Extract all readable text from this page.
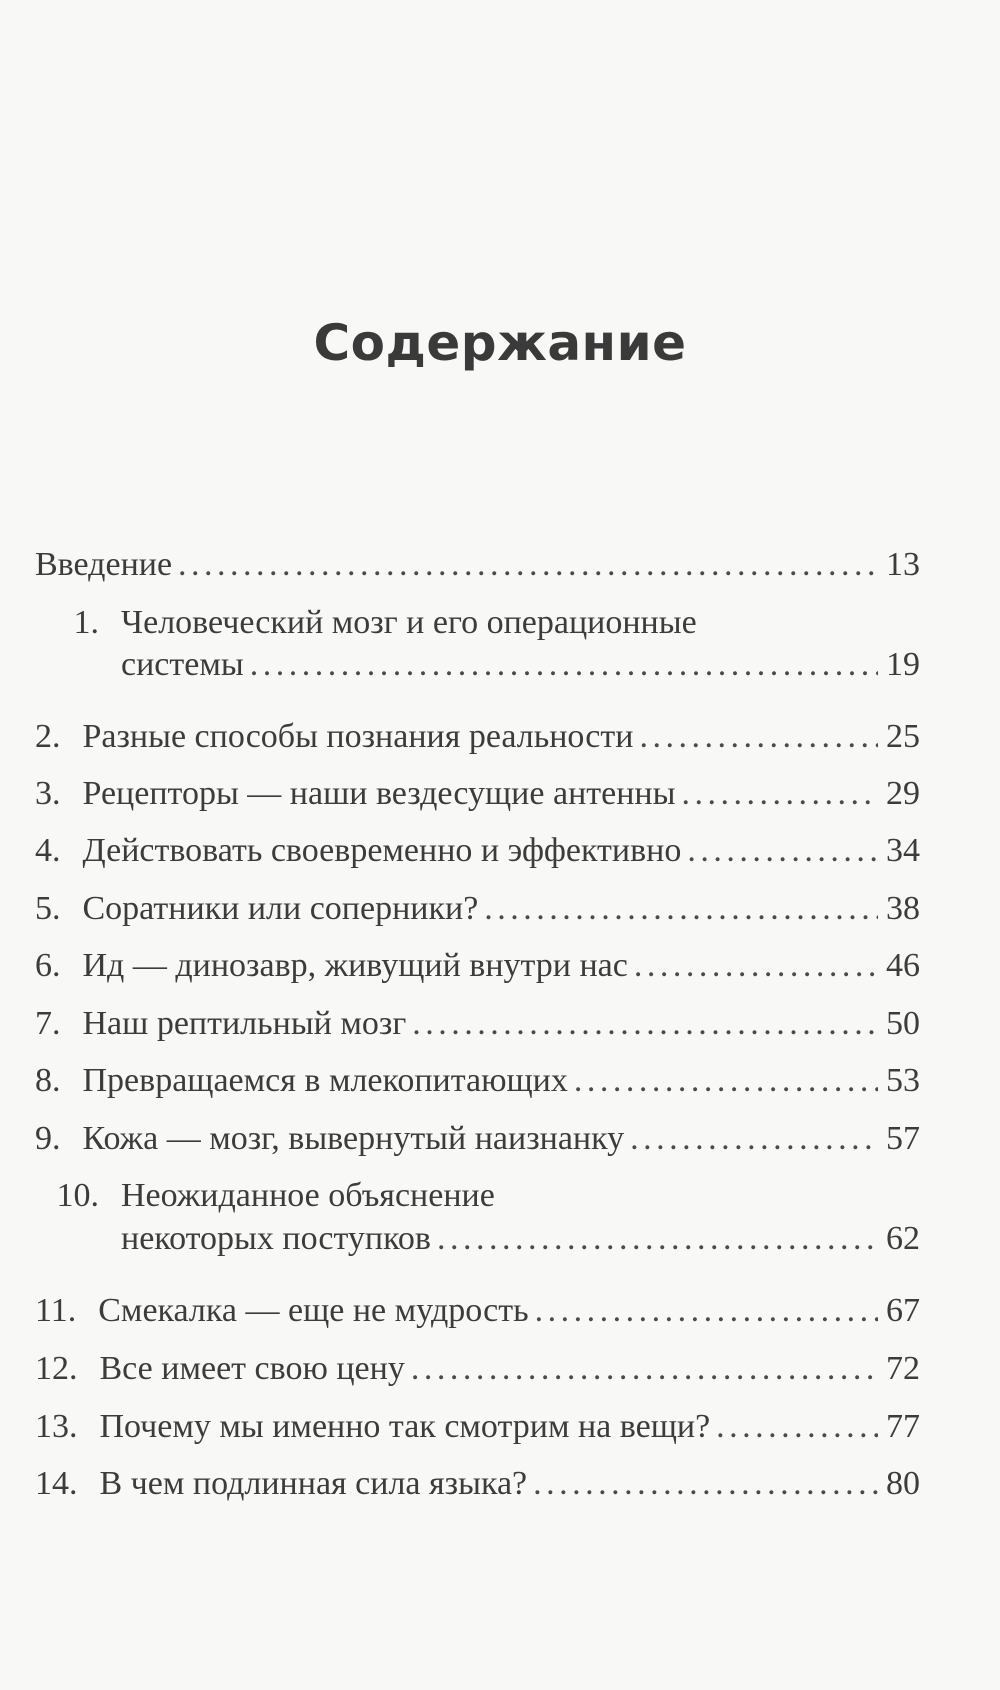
Содержание
Введение . . .	13
1. Человеческий мозг и его операционные
системы . . .	19
2. Разные способы познания реальности . . .	25
3. Рецепторы — наши вездесущие антенны . . .	29
4. Действовать своевременно и эффективно . . .	34
5. Соратники или соперники? . . .	38
6. Ид — динозавр, живущий внутри нас . . .	46
7. Наш рептильный мозг . . .	50
8. Превращаемся в млекопитающих . . .	53
9. Кожа — мозг, вывернутый наизнанку . . .	57
10. Неожиданное объяснение
некоторых поступков . . .	62
11. Смекалка — еще не мудрость . . .	67
12. Все имеет свою цену . . .	72
13. Почему мы именно так смотрим на вещи? . . .	77
14. В чем подлинная сила языка? . . .	80
